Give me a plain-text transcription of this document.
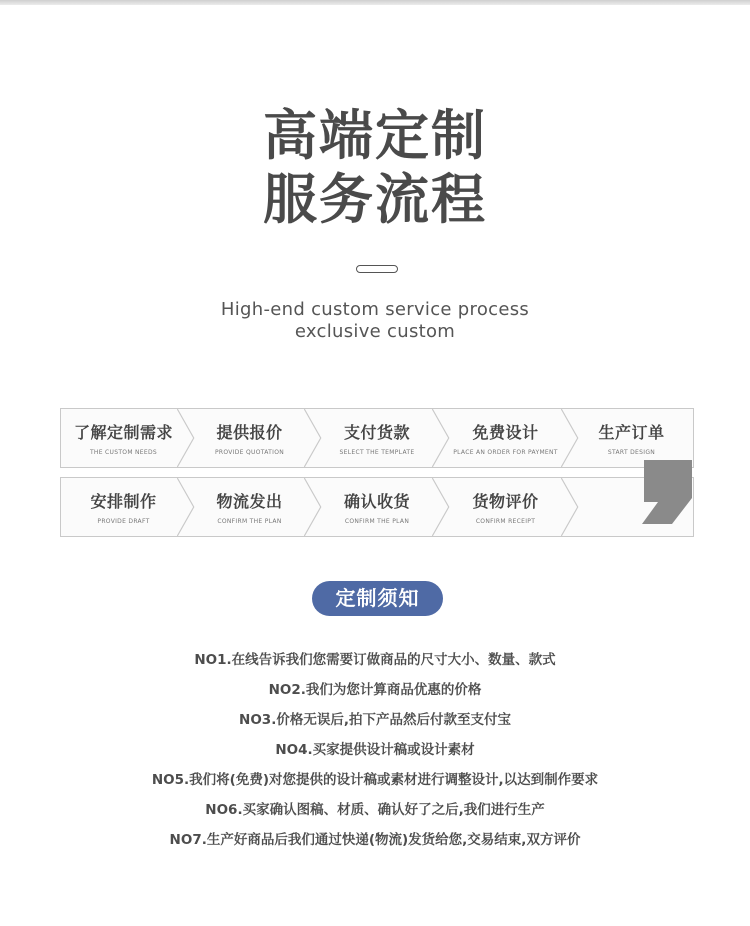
高端定制
服务流程
High-end custom service process
exclusive custom
了解定制需求
THE CUSTOM NEEDS
提供报价
PROVIDE QUOTATION
支付货款
SELECT THE TEMPLATE
免费设计
PLACE AN ORDER FOR PAYMENT
生产订单
START DESIGN
安排制作
PROVIDE DRAFT
物流发出
CONFIRM THE PLAN
确认收货
CONFIRM THE PLAN
货物评价
CONFIRM RECEIPT
定制须知
NO1.在线告诉我们您需要订做商品的尺寸大小、数量、款式
NO2.我们为您计算商品优惠的价格
NO3.价格无误后,拍下产品然后付款至支付宝
NO4.买家提供设计稿或设计素材
NO5.我们将(免费)对您提供的设计稿或素材进行调整设计,以达到制作要求
NO6.买家确认图稿、材质、确认好了之后,我们进行生产
NO7.生产好商品后我们通过快递(物流)发货给您,交易结束,双方评价
